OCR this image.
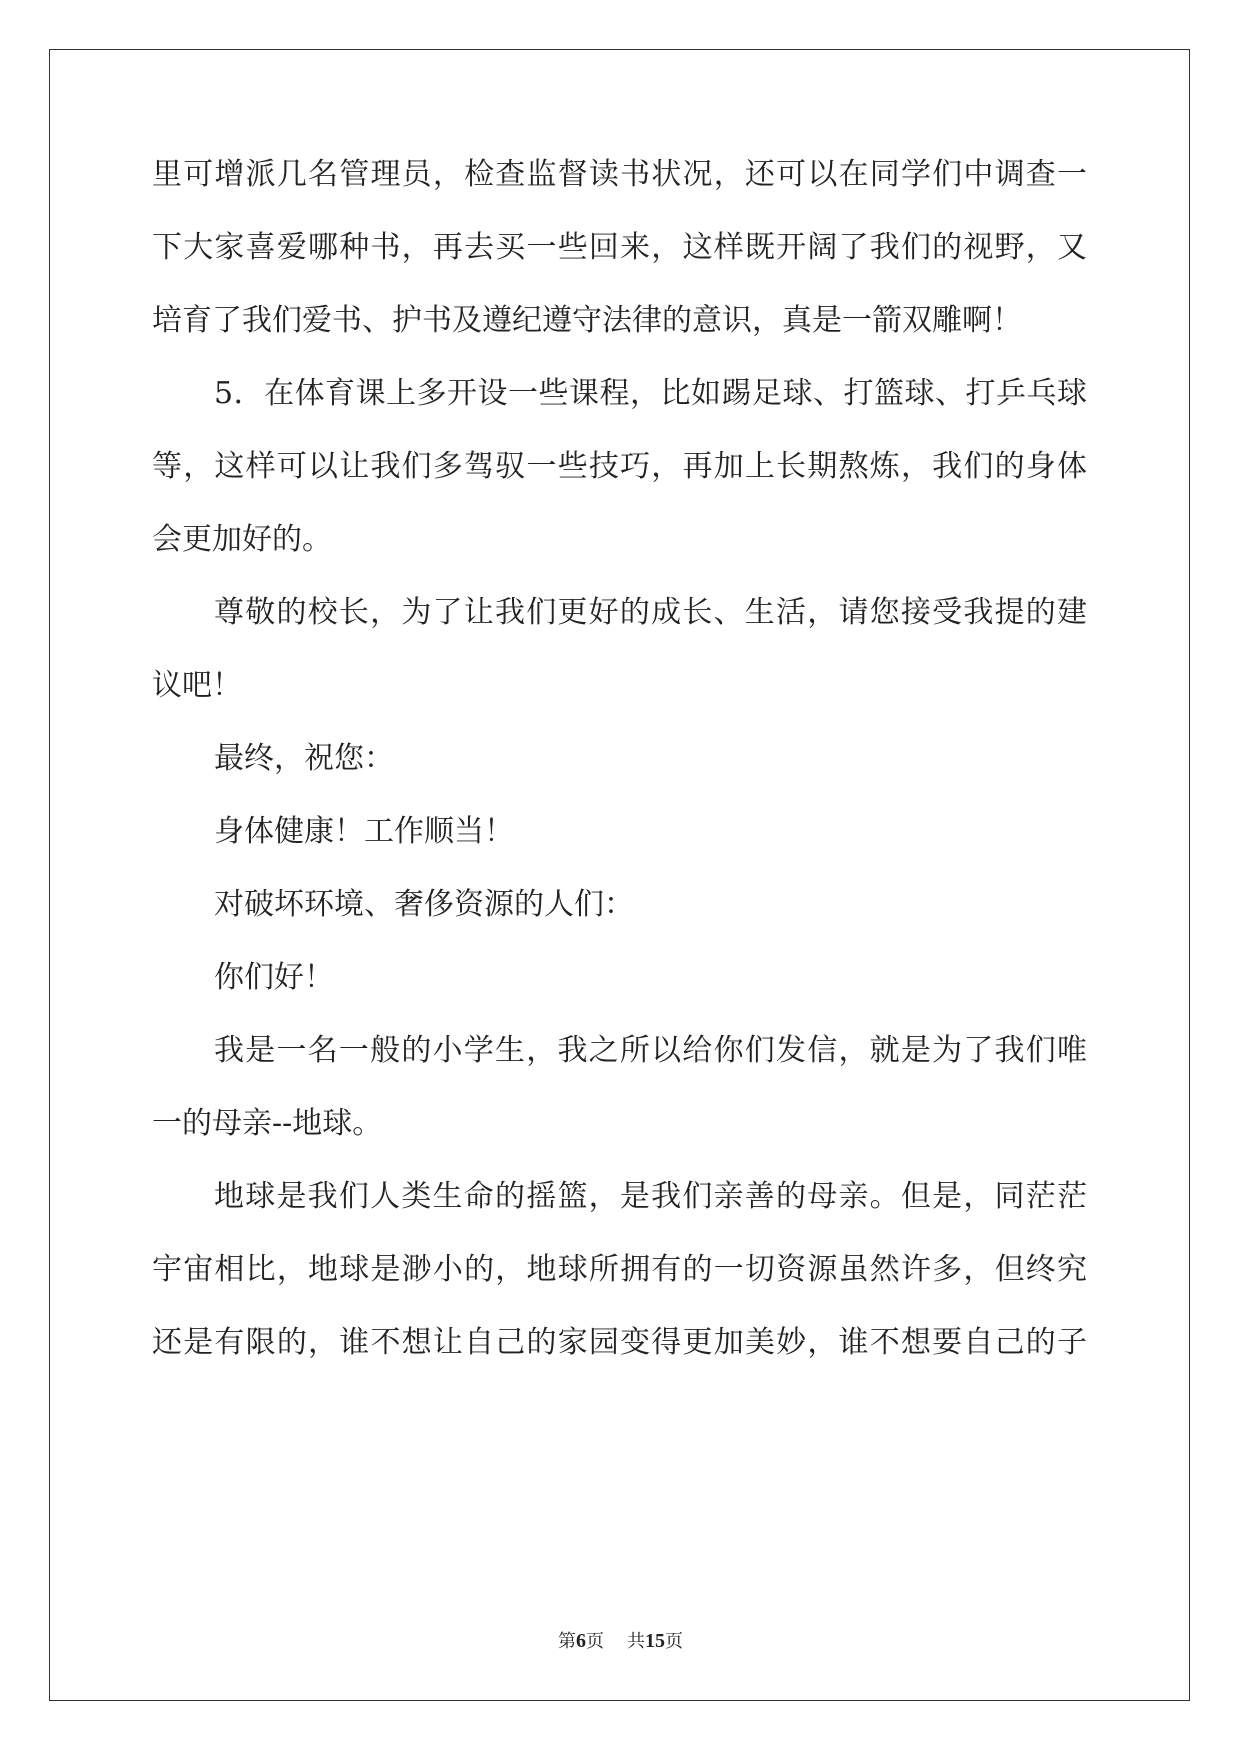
里可增派几名管理员，检查监督读书状况，还可以在同学们中调查一
下大家喜爱哪种书，再去买一些回来，这样既开阔了我们的视野，又
培育了我们爱书、护书及遵纪遵守法律的意识，真是一箭双雕啊！
5．在体育课上多开设一些课程，比如踢足球、打篮球、打乒乓球
等，这样可以让我们多驾驭一些技巧，再加上长期熬炼，我们的身体
会更加好的。
尊敬的校长，为了让我们更好的成长、生活，请您接受我提的建
议吧！
最终，祝您：
身体健康！工作顺当！
对破坏环境、奢侈资源的人们：
你们好！
我是一名一般的小学生，我之所以给你们发信，就是为了我们唯
一的母亲--地球。
地球是我们人类生命的摇篮，是我们亲善的母亲。但是，同茫茫
宇宙相比，地球是渺小的，地球所拥有的一切资源虽然许多，但终究
还是有限的，谁不想让自己的家园变得更加美妙，谁不想要自己的子
第6页 共15页
